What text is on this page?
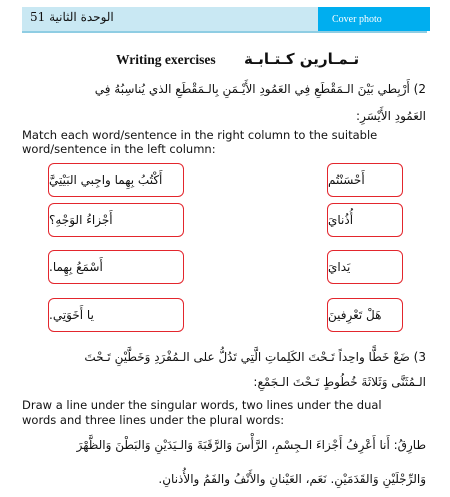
الوحدة الثانية 51	Cover photo
Writing exercises تـمـارين كـتـابـة
2) أَرْبِطي بَيْنَ الـمَقْطَعِ فِي العَمُودِ الأَيْـمَنِ بِالـمَقْطَعِ الذي يُناسِبُهُ فِي
العَمُودِ الأَيْسَرِ:
Match each word/sentence in the right column to the suitable
word/sentence in the left column:
أَكْتُبُ بِهِما واجِبي البَيْتِيَّ
أَجْزاءُ الوَجْهِ؟
أَسْمَعُ بِهِما.
يا أَخَوَتِي.
أَحْسَنْتُم
أُذُنايَ
يَدايَ
هَلْ تَعْرِفينَ
3) ضَعْ خَطًّا واحِداً تَـحْتَ الكَلِماتِ الَّتِي تَدُلُّ على الـمُفْرَدِ وَخَطَّيْنِ تَـحْتَ
الـمُثَنَّى وَثَلاثَةَ خُطُوطٍ تَـحْتَ الـجَمْعِ:
Draw a line under the singular words, two lines under the dual
words and three lines under the plural words:
طارِقُ: أَنا أَعْرِفُ أَجْزاءَ الـجِسْمِ، الرَّأْسَ وَالرَّقَبَةَ وَالـيَدَيْنِ وَالبَطْنَ وَالظَّهْرَ
وَالرِّجْلَيْنِ وَالقَدَمَيْنِ. نَعَم، العَيْنانِ والأَنْفُ والفَمُ والأُذنانِ.
